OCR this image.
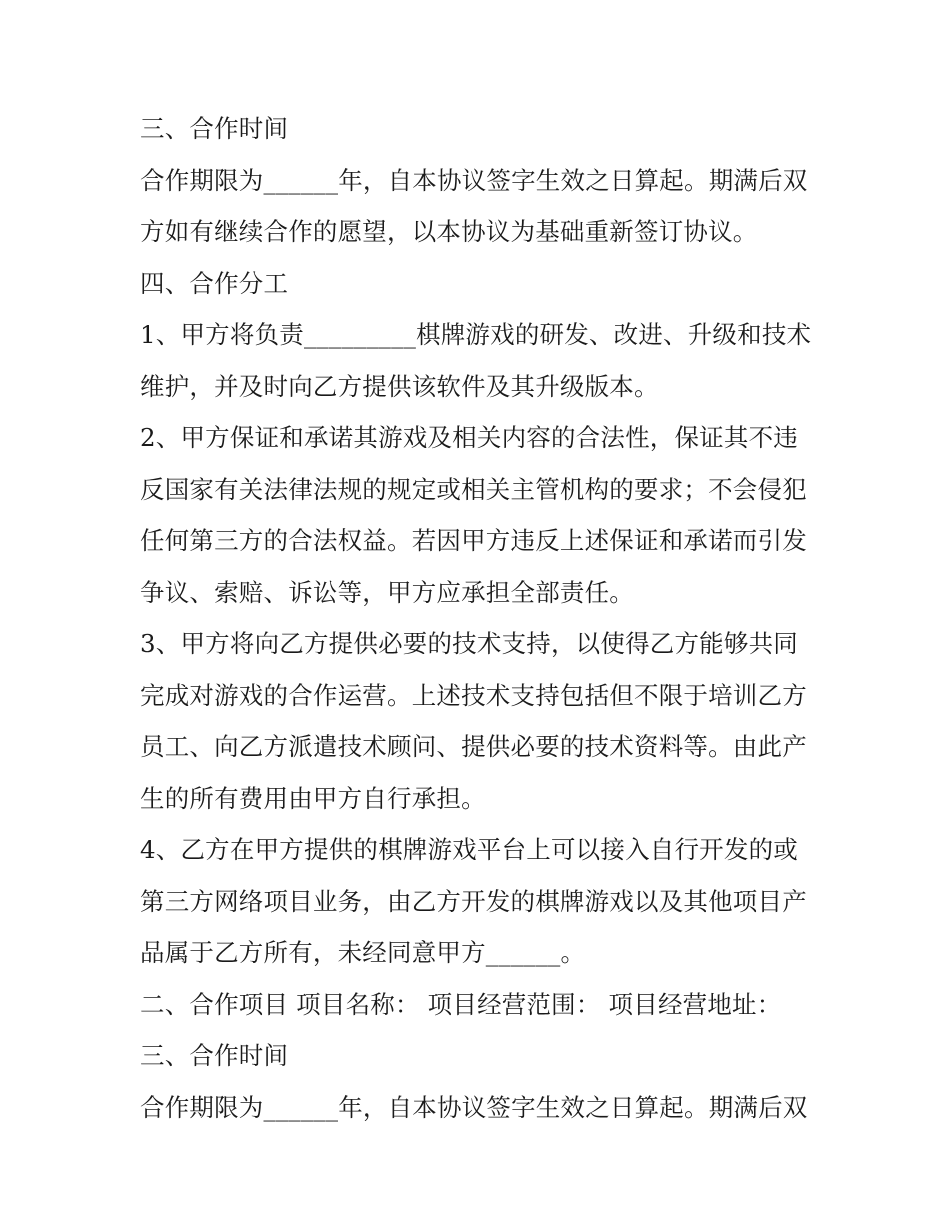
三、合作时间
合作期限为______年，自本协议签字生效之日算起。期满后双
方如有继续合作的愿望，以本协议为基础重新签订协议。
四、合作分工
1、甲方将负责_________棋牌游戏的研发、改进、升级和技术
维护，并及时向乙方提供该软件及其升级版本。
2、甲方保证和承诺其游戏及相关内容的合法性，保证其不违
反国家有关法律法规的规定或相关主管机构的要求；不会侵犯
任何第三方的合法权益。若因甲方违反上述保证和承诺而引发
争议、索赔、诉讼等，甲方应承担全部责任。
3、甲方将向乙方提供必要的技术支持，以使得乙方能够共同
完成对游戏的合作运营。上述技术支持包括但不限于培训乙方
员工、向乙方派遣技术顾问、提供必要的技术资料等。由此产
生的所有费用由甲方自行承担。
4、乙方在甲方提供的棋牌游戏平台上可以接入自行开发的或
第三方网络项目业务，由乙方开发的棋牌游戏以及其他项目产
品属于乙方所有，未经同意甲方______。
二、合作项目 项目名称： 项目经营范围： 项目经营地址：
三、合作时间
合作期限为______年，自本协议签字生效之日算起。期满后双
